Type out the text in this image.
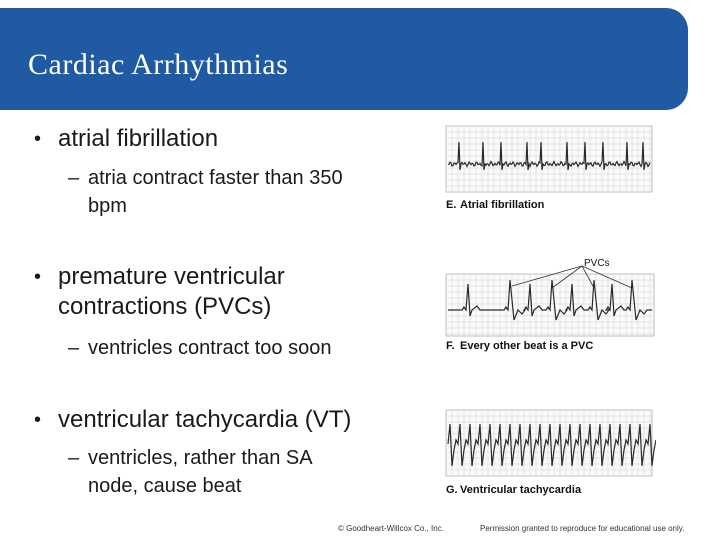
Cardiac Arrhythmias
• atrial fibrillation
– atria contract faster than 350
bpm
• premature ventricular
contractions (PVCs)
– ventricles contract too soon
• ventricular tachycardia (VT)
– ventricles, rather than SA
node, cause beat
E. Atrial fibrillation
PVCs
F. Every other beat is a PVC
G. Ventricular tachycardia
© Goodheart-Willcox Co., Inc.	Permission granted to reproduce for educational use only.
